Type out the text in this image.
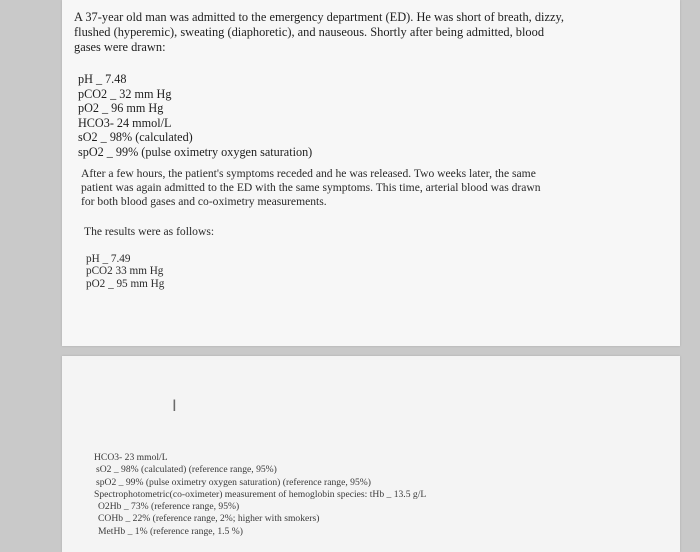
A 37-year old man was admitted to the emergency department (ED). He was short of breath, dizzy, flushed (hyperemic), sweating (diaphoretic), and nauseous. Shortly after being admitted, blood gases were drawn:

pH _ 7.48
pCO2 _ 32 mm Hg
pO2 _ 96 mm Hg
HCO3- 24 mmol/L
sO2 _ 98% (calculated)
spO2 _ 99% (pulse oximetry oxygen saturation)

After a few hours, the patient's symptoms receded and he was released. Two weeks later, the same patient was again admitted to the ED with the same symptoms. This time, arterial blood was drawn for both blood gases and co-oximetry measurements.

The results were as follows:
pH _ 7.49
pCO2 33 mm Hg
pO2 _ 95 mm Hg
I
HCO3- 23 mmol/L
sO2 _ 98% (calculated) (reference range, 95%)
spO2 _ 99% (pulse oximetry oxygen saturation) (reference range, 95%)
Spectrophotometric(co-oximeter) measurement of hemoglobin species: tHb _ 13.5 g/L
O2Hb _ 73% (reference range, 95%)
COHb _ 22% (reference range, 2%; higher with smokers)
MetHb _ 1% (reference range, 1.5 %)
